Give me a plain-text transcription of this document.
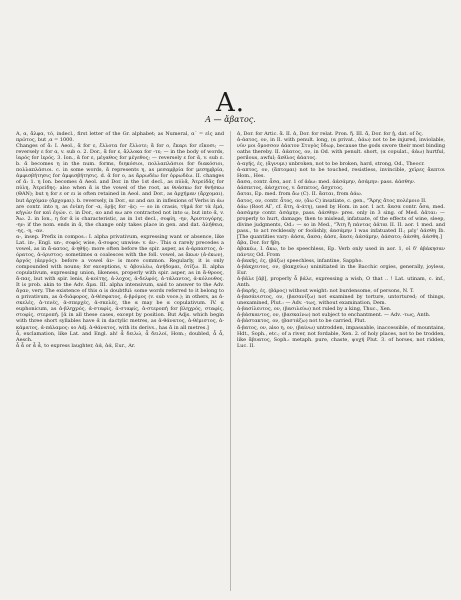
A.
A — ἄβατος.

A, α, ἄλφα, τό, indecl., first letter of the Gr. alphabet; as Numeral, α΄ = εἷς and πρῶτος, but ,α = 1000.

Changes of ἄ: I. Aeol., ἄ for ε, ἔλλοτα for ἔλλοτε; ἄ for ο, ἔκαρι for εἴκοσι; — reversely ε for α, v. sub ο. 2. Dor., ἄ for ε, ἄλλοκα for -τε; — in the body of words, ἱαρός for ἱερός. 3. Ion., ᾱ for ε, μέγαθος for μέγεθος; — reversely ε for ᾱ, v. sub ε. b. ᾱ becomes η in the num. forms, διηκόσιοι, πολλαπλάσιοι for διακόσιοι, πολλαπλάσιοι. c. in some words, ᾱ represents η, as μεσαμβρία for μεσημβρία, ἀμφισβήτησις for ἀμφισβήτησις. d. ᾱ for ο, as ἄρρωδέω for ὀρρωδέω. II. changes of ᾱ: 1. η Ion. becomes ᾱ Aeol. and Dor. in the 1st decl., as πύλᾱ, Ἀτρείδᾱς for πύλη, Ἀτρείδης: also when ᾱ is the vowel of the root, as θνάσκω for θνήσκω (ΘΑΝ); but η for ε or ει is often retained in Aeol. and Dor., as ἀρχήμαν (ἄρχομαι), but ἀρχόμαν (ἄρχομαι). b. reversely, in Dor., αε and αει in inflexions of Verbs in άω are contr. into η, as ἐνίκη for -α, ὁρῇς for -ᾷς: — so in crasis, τἠμά for τὰ ἐμά, κἠγών for καὶ ἐγών. c. in Dor., αο and αω are contracted not into ω, but into ᾱ, v. Ἄω. 2. in Ion., η for ᾱ is characteristic, as in 1st decl., σοφίη, -ην, Ἀριστογόρης, -ην: if the nom. ends in ᾱ, the change only takes place in gen. and dat. ἀλήθεια, -ης, -η, -αν.

α-, insep. Prefix in compos.: I. alpha privativum, expressing want or absence, like Lat. in-, Engl. un-, σοφός wise, ἄ-σοφος unwise: v. ἀν-. This α rarely precedes a vowel, as in ἄ-αατος, ἀ-ηθής: more often before the spir. asper, as ἀ-άρπαστος, ἀ-όρατος, ἀ-όριστος: sometimes α coalesces with the foll. vowel, as ἄκων (ἀ-έκων), ἀργός (ἀεργός): before a vowel ἀν- is more common. Regularly, it is only compounded with nouns; for exceptions, v. ἀβουλέω, ἀνήδομαι, ὀτίζω. II. alpha copulativum, expressing union, likeness, properly with spir. asper, as in ἅ-θροος, ἅ-πας, but with spir. lenis, ἀ-κοίτης, ἀ-λοχος, ἀ-δελφός, ἀ-τάλαντος, ἀ-κόλουθος. It is prob. akin to the Adv. ἅμα. III. alpha intensivum, said to answer to the Adv. ἄγαν, very. The existence of this α is doubtful: some words referred to it belong to α privativum, as ἀ-διάφορος, ἀ-θέσφατος, ἀ-βρόμος (v. sub voce.); in others, as ἀ-σκελές, ἀ-τενές, ἀ-σπερχές, ἀ-σκελές, the α may be α copulativum. IV. α euphonicum, as ἀ-βληχρός, ἀ-σταφίς, ἀ-σταφίς, ἀ-στεροπή for βληχρός, σταφίς, στοφίς, στεροπή. [ἀ in all these cases, except by position. But Adjs. which begin with three short syllables have ᾱ in dactylic metres, as ἀ-θάνατος, ἀ-θέμιστος, ἀ-κάματος, ἀ-πάλαμος: so Adj. ἀ-θάνατος, with its derivs., has ᾱ in all metres.]

ἆ, exclamation, like Lat. and Engl. ah! ἆ δειλώ, ἆ δειλοί, Hom.; doubled, ἆ ἆ, Aesch.

ἆ ἆ or ἆ ἆ, to express laughter, ἀά, ἀά, Eur., Ar.

ἆ, Dor. for Artic. ἅ. II. ἆ, Dor. for relat. Pron. ἥ. III. ἅ, Dor. for ᾗ, dat. of ὅς.

ἀ-άατος, ον, in Il. with penult. long, (α privat., ἀάω) not to be injured, inviolable, νῦν μοι ὄμοσσον ἀάατον Στυγὸς ὕδωρ, because the gods swore their most binding oaths thereby. II. ἀάατος, ον, in Od. with penult. short, (α copulat., ἀάω) hurtful, perilous, awful; ἄεθλος ἀάατος.

ἀ-αγής, ές, (ἄγνυμι) unbroken, not to be broken, hard, strong, Od., Theocr.

ἀ-απτος, ον, (ἅπτομαι) not to be touched, resistless, invincible, χεῖρες ἄαπτοι Hom., Hes.

ἄασα, contr. ἆσα, aor. 1 of ἀάω: med. ἀάσάμην, ἀσάμην: pass. ἀάσθην.

ἀάσπετος, ἀάσχετος, v. ἄσπετος, ἄσχετος.

ἄαται, Ep. med. from ἄω (C). II. ἄαται, from ἀάω.

ἄατος, ον, contr. ἆτος, ον, (ἄω C) insatiate, c. gen., "Ἄρης ἄτος πολέμοιο II.

ἀάω (Root ΑΓ, cf. ἄτη, ἀ-άτη), used by Hom. in aor. 1 act. ἄασα contr. ἆσα, med. ἀασάμην contr. ἀσάμην, pass. ἀάσθην: pres. only in 3 sing. of Med. ἀᾶται: — properly to hurt, damage; then to mislead, infatuate, of the effects of wine, sleep, divine judgments, Od.: — so in Med., "Ἄτη ἣ πάντας ἀᾶται II. II. aor. 1 med. and pass., to act recklessly or foolishly, ἀασάμην I was infatuated II.; μέγ' ἀάσθη Ib. [The quantities vary: ἀάσα, ἄασα; ἀάσε, ἄασε; ἀάσάμην, ἀάσατο; ἀάσθη, ἀάσθη.]

ἄβα, Dor. for ἥβη.

ἀβακέω, I. ἄκω, to be speechless, Ep. Verb only used in aor. 1, οἱ δ' ἀβάκησαν πάντες Od. From

ἀ-βακής, ές, (βάζω) speechless, infantine, Sappho.

ἀ-βάκχευτος, ον, (βακχεύω) uninitiated in the Bacchic orgies, generally, joyless, Eur.

ἀ-βᾶλε [ᾰβ], properly ἆ βάλε, expressing a wish, O that .. ! Lat. utinam, c. inf., Anth.

ἀ-βαρής, ές, (βάρος) without weight: not burdensome, of persons, N. T.

ἀ-βασάνιστος, ον, (βασανίζω) not examined by torture, untortured; of things, unexamined, Plut.: — Adv. -τως, without examination, Dem.

ἀ-βασίλευτος, ον, (βασιλεύω) not ruled by a king, Thuc., Xen.

ἀ-βάσκαντος, ον, (βασκαίνω) not subject to enchantment. — Adv. -τως, Anth.

ἀ-βάστακτος, ον, (βαστάζω) not to be carried, Plut.

ἄ-βατος, ον, also η, ον, (βαίνω) untrodden, impassable, inaccessible, of mountains, Hdt., Soph., etc.; of a river, not fordable, Xen. 2. of holy places, not to be trodden, like ἄβυατος, Soph.: metaph. pure, chaste, ψυχή Plut. 3. of horses, not ridden, Luc. II.
